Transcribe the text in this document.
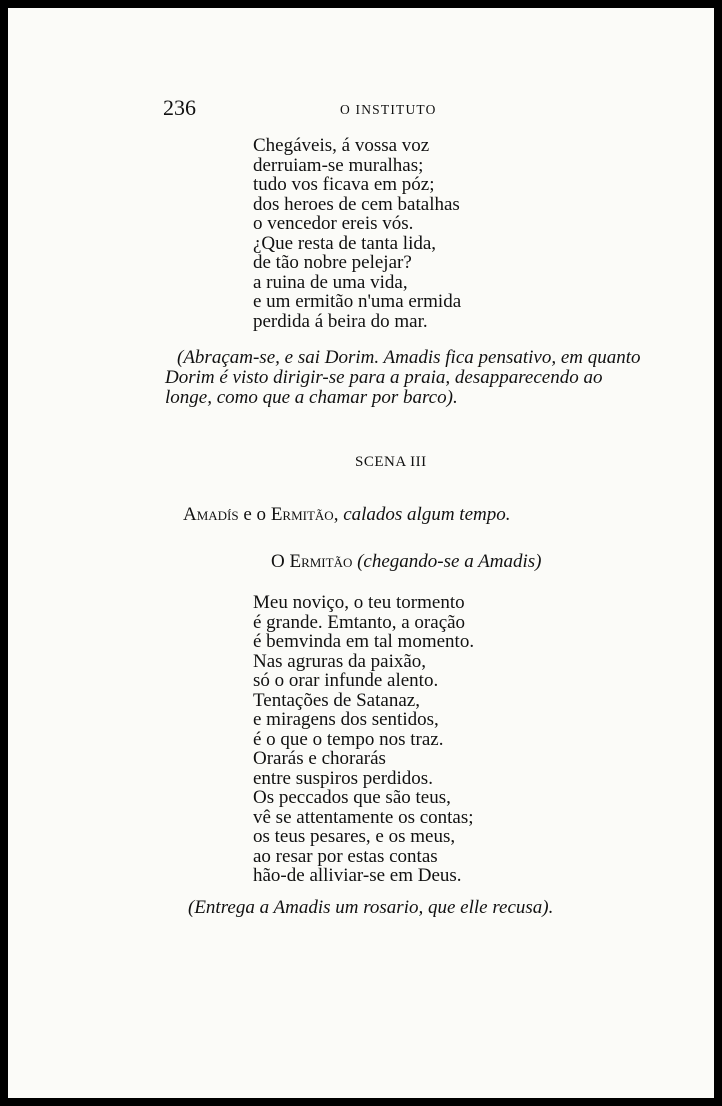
236	O INSTITUTO
Chegáveis, á vossa voz
derruiam-se muralhas;
tudo vos ficava em póz;
dos heroes de cem batalhas
o vencedor ereis vós.
¿Que resta de tanta lida,
de tão nobre pelejar?
a ruina de uma vida,
e um ermitão n'uma ermida
perdida á beira do mar.
(Abraçam-se, e sai Dorim. Amadis fica pensativo, em quanto
Dorim é visto dirigir-se para a praia, desapparecendo ao
longe, como que a chamar por barco).
SCENA III
Amadís e o Ermitão, calados algum tempo.
O Ermitão (chegando-se a Amadis)
Meu noviço, o teu tormento
é grande. Emtanto, a oração
é bemvinda em tal momento.
Nas agruras da paixão,
só o orar infunde alento.
Tentações de Satanaz,
e miragens dos sentidos,
é o que o tempo nos traz.
Orarás e chorarás
entre suspiros perdidos.
Os peccados que são teus,
vê se attentamente os contas;
os teus pesares, e os meus,
ao resar por estas contas
hão-de alliviar-se em Deus.
(Entrega a Amadis um rosario, que elle recusa).
